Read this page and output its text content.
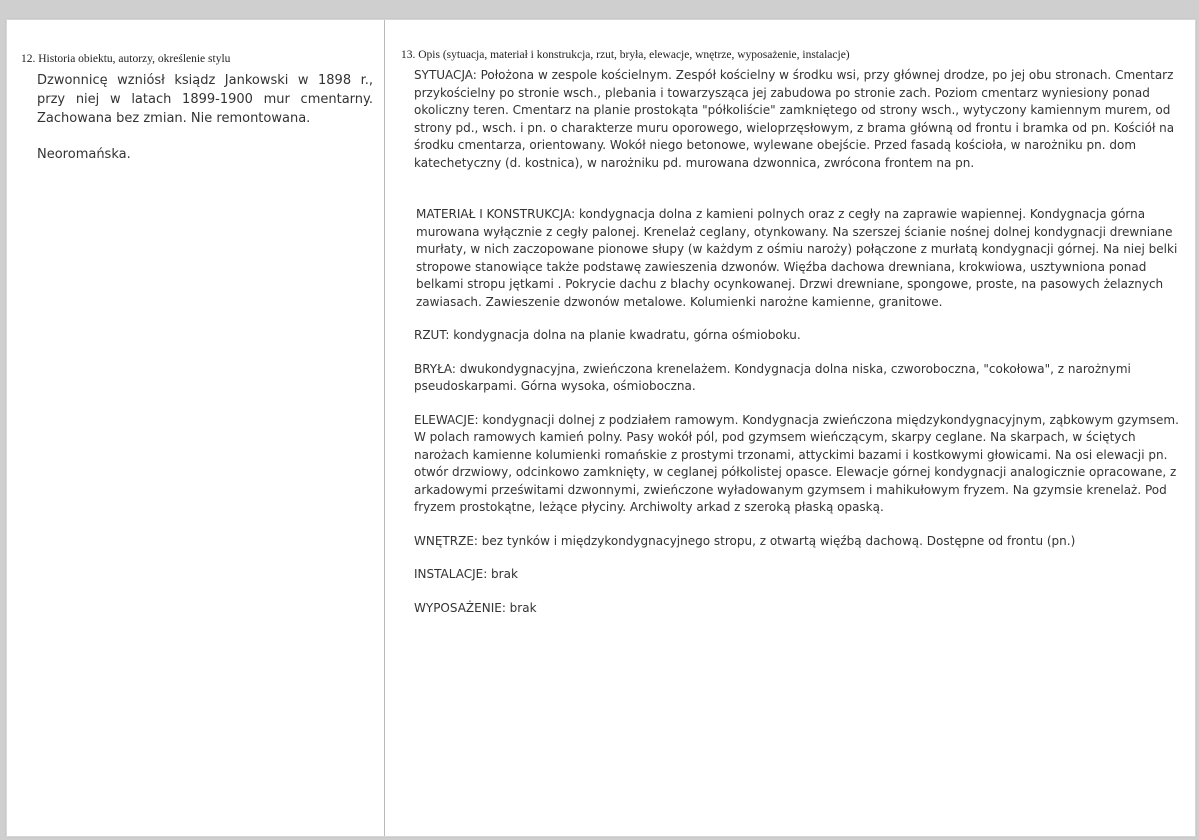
12. Historia obiektu, autorzy, określenie stylu

Dzwonnicę wzniósł ksiądz Jankowski w 1898 r., przy niej w latach 1899-1900 mur cmentarny. Zachowana bez zmian. Nie remontowana.

Neoromańska.

13. Opis (sytuacja, materiał i konstrukcja, rzut, bryła, elewacje, wnętrze, wyposażenie, instalacje)

SYTUACJA: Położona w zespole kościelnym. Zespół kościelny w środku wsi, przy głównej drodze, po jej obu stronach. Cmentarz przykościelny po stronie wsch., plebania i towarzysząca jej zabudowa po stronie zach. Poziom cmentarz wyniesiony ponad okoliczny teren. Cmentarz na planie prostokąta "półkoliście" zamkniętego od strony wsch., wytyczony kamiennym murem, od strony pd., wsch. i pn. o charakterze muru oporowego, wieloprzęsłowym, z brama główną od frontu i bramka od pn. Kościół na środku cmentarza, orientowany. Wokół niego betonowe, wylewane obejście. Przed fasadą kościoła, w narożniku pn. dom katechetyczny (d. kostnica), w narożniku pd. murowana dzwonnica, zwrócona frontem na pn.

MATERIAŁ I KONSTRUKCJA: kondygnacja dolna z kamieni polnych oraz z cegły na zaprawie wapiennej. Kondygnacja górna murowana wyłącznie z cegły palonej. Krenelaż ceglany, otynkowany. Na szerszej ścianie nośnej dolnej kondygnacji drewniane murłaty, w nich zaczopowane pionowe słupy (w każdym z ośmiu naroży) połączone z murłatą kondygnacji górnej. Na niej belki stropowe stanowiące także podstawę zawieszenia dzwonów. Więźba dachowa drewniana, krokwiowa, usztywniona ponad belkami stropu jętkami . Pokrycie dachu z blachy ocynkowanej. Drzwi drewniane, spongowe, proste, na pasowych żelaznych zawiasach. Zawieszenie dzwonów metalowe. Kolumienki narożne kamienne, granitowe.

RZUT: kondygnacja dolna na planie kwadratu, górna ośmioboku.

BRYŁA: dwukondygnacyjna, zwieńczona krenelażem. Kondygnacja dolna niska, czworoboczna, "cokołowa", z narożnymi pseudoskarpami. Górna wysoka, ośmioboczna.

ELEWACJE: kondygnacji dolnej z podziałem ramowym. Kondygnacja zwieńczona międzykondygnacyjnym, ząbkowym gzymsem. W polach ramowych kamień polny. Pasy wokół pól, pod gzymsem wieńczącym, skarpy ceglane. Na skarpach, w ściętych narożach kamienne kolumienki romańskie z prostymi trzonami, attyckimi bazami i kostkowymi głowicami. Na osi elewacji pn. otwór drzwiowy, odcinkowo zamknięty, w ceglanej półkolistej opasce. Elewacje górnej kondygnacji analogicznie opracowane, z arkadowymi prześwitami dzwonnymi, zwieńczone wyładowanym gzymsem i mahikułowym fryzem. Na gzymsie krenelaż. Pod fryzem prostokątne, leżące płyciny. Archiwolty arkad z szeroką płaską opaską.

WNĘTRZE: bez tynków i międzykondygnacyjnego stropu, z otwartą więźbą dachową. Dostępne od frontu (pn.)

INSTALACJE: brak

WYPOSAŻENIE: brak
